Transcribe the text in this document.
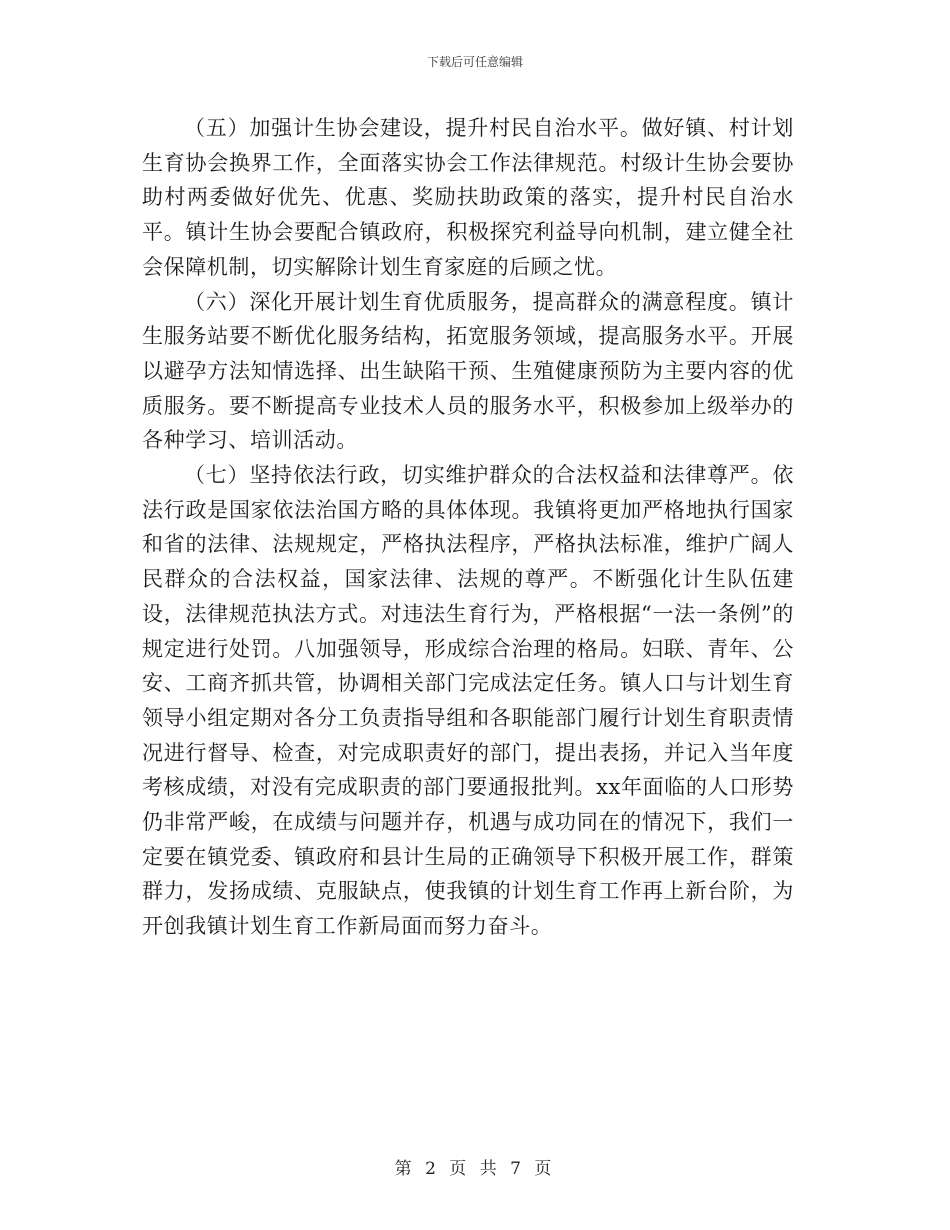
下载后可任意编辑

（五）加强计生协会建设，提升村民自治水平。做好镇、村计划生育协会换界工作，全面落实协会工作法律规范。村级计生协会要协助村两委做好优先、优惠、奖励扶助政策的落实，提升村民自治水平。镇计生协会要配合镇政府，积极探究利益导向机制，建立健全社会保障机制，切实解除计划生育家庭的后顾之忧。

（六）深化开展计划生育优质服务，提高群众的满意程度。镇计生服务站要不断优化服务结构，拓宽服务领域，提高服务水平。开展以避孕方法知情选择、出生缺陷干预、生殖健康预防为主要内容的优质服务。要不断提高专业技术人员的服务水平，积极参加上级举办的各种学习、培训活动。

（七）坚持依法行政，切实维护群众的合法权益和法律尊严。依法行政是国家依法治国方略的具体体现。我镇将更加严格地执行国家和省的法律、法规规定，严格执法程序，严格执法标准，维护广阔人民群众的合法权益，国家法律、法规的尊严。不断强化计生队伍建设，法律规范执法方式。对违法生育行为，严格根据“一法一条例”的规定进行处罚。八加强领导，形成综合治理的格局。妇联、青年、公安、工商齐抓共管，协调相关部门完成法定任务。镇人口与计划生育领导小组定期对各分工负责指导组和各职能部门履行计划生育职责情况进行督导、检查，对完成职责好的部门，提出表扬，并记入当年度考核成绩，对没有完成职责的部门要通报批判。xx年面临的人口形势仍非常严峻，在成绩与问题并存，机遇与成功同在的情况下，我们一定要在镇党委、镇政府和县计生局的正确领导下积极开展工作，群策群力，发扬成绩、克服缺点，使我镇的计划生育工作再上新台阶，为开创我镇计划生育工作新局面而努力奋斗。

第 2 页 共 7 页
